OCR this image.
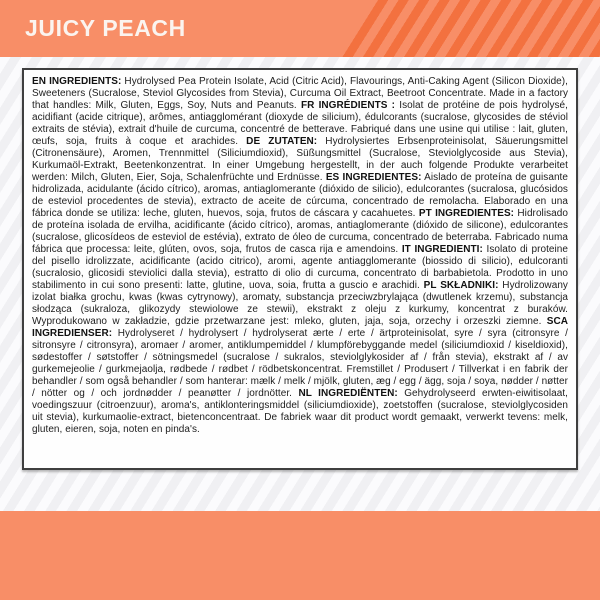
JUICY PEACH

EN INGREDIENTS: Hydrolysed Pea Protein Isolate, Acid (Citric Acid), Flavourings, Anti-Caking Agent (Silicon Dioxide), Sweeteners (Sucralose, Steviol Glycosides from Stevia), Curcuma Oil Extract, Beetroot Concentrate. Made in a factory that handles: Milk, Gluten, Eggs, Soy, Nuts and Peanuts. FR INGRÉDIENTS : Isolat de protéine de pois hydrolysé, acidifiant (acide citrique), arômes, antiagglomérant (dioxyde de silicium), édulcorants (sucralose, glycosides de stéviol extraits de stévia), extrait d'huile de curcuma, concentré de betterave. Fabriqué dans une usine qui utilise : lait, gluten, œufs, soja, fruits à coque et arachides. DE ZUTATEN: Hydrolysiertes Erbsenproteinisolat, Säuerungsmittel (Citronensäure), Aromen, Trennmittel (Siliciumdioxid), Süßungsmittel (Sucralose, Steviolglycoside aus Stevia), Kurkumaöl-Extrakt, Beetenkonzentrat. In einer Umgebung hergestellt, in der auch folgende Produkte verarbeitet werden: Milch, Gluten, Eier, Soja, Schalenfrüchte und Erdnüsse. ES INGREDIENTES: Aislado de proteína de guisante hidrolizada, acidulante (ácido cítrico), aromas, antiaglomerante (dióxido de silicio), edulcorantes (sucralosa, glucósidos de esteviol procedentes de stevia), extracto de aceite de cúrcuma, concentrado de remolacha. Elaborado en una fábrica donde se utiliza: leche, gluten, huevos, soja, frutos de cáscara y cacahuetes. PT INGREDIENTES: Hidrolisado de proteína isolada de ervilha, acidificante (ácido cítrico), aromas, antiaglomerante (dióxido de silicone), edulcorantes (sucralose, glicosídeos de esteviol de estévia), extrato de óleo de curcuma, concentrado de beterraba. Fabricado numa fábrica que processa: leite, glúten, ovos, soja, frutos de casca rija e amendoins. IT INGREDIENTI: Isolato di proteine del pisello idrolizzate, acidificante (acido citrico), aromi, agente antiagglomerante (biossido di silicio), edulcoranti (sucralosio, glicosidi steviolici dalla stevia), estratto di olio di curcuma, concentrato di barbabietola. Prodotto in uno stabilimento in cui sono presenti: latte, glutine, uova, soia, frutta a guscio e arachidi. PL SKŁADNIKI: Hydrolizowany izolat białka grochu, kwas (kwas cytrynowy), aromaty, substancja przeciwzbrylająca (dwutlenek krzemu), substancja słodząca (sukraloza, glikozydy stewiolowe ze stewii), ekstrakt z oleju z kurkumy, koncentrat z buraków. Wyprodukowano w zakładzie, gdzie przetwarzane jest: mleko, gluten, jaja, soja, orzechy i orzeszki ziemne. SCA INGREDIENSER: Hydrolyseret / hydrolysert / hydrolyserat ærte / erte / ärtproteinisolat, syre / syra (citronsyre / sitronsyre / citronsyra), aromaer / aromer, antiklumpemiddel / klumpförebyggande medel (siliciumdioxid / kiseldioxid), sødestoffer / søtstoffer / sötningsmedel (sucralose / sukralos, steviolglykosider af / från stevia), ekstrakt af / av gurkemejeolie / gurkmejaolja, rødbede / rødbet / rödbetskoncentrat. Fremstillet / Produsert / Tillverkat i en fabrik der behandler / som også behandler / som hanterar: mælk / melk / mjölk, gluten, æg / egg / ägg, soja / soya, nødder / nøtter / nötter og / och jordnødder / peanøtter / jordnötter. NL INGREDIËNTEN: Gehydrolyseerd erwten-eiwitisolaat, voedingszuur (citroenzuur), aroma's, antiklonteringsmiddel (siliciumdioxide), zoetstoffen (sucralose, steviolglycosiden uit stevia), kurkumaolie-extract, bietenconcentraat. De fabriek waar dit product wordt gemaakt, verwerkt tevens: melk, gluten, eieren, soja, noten en pinda's.
